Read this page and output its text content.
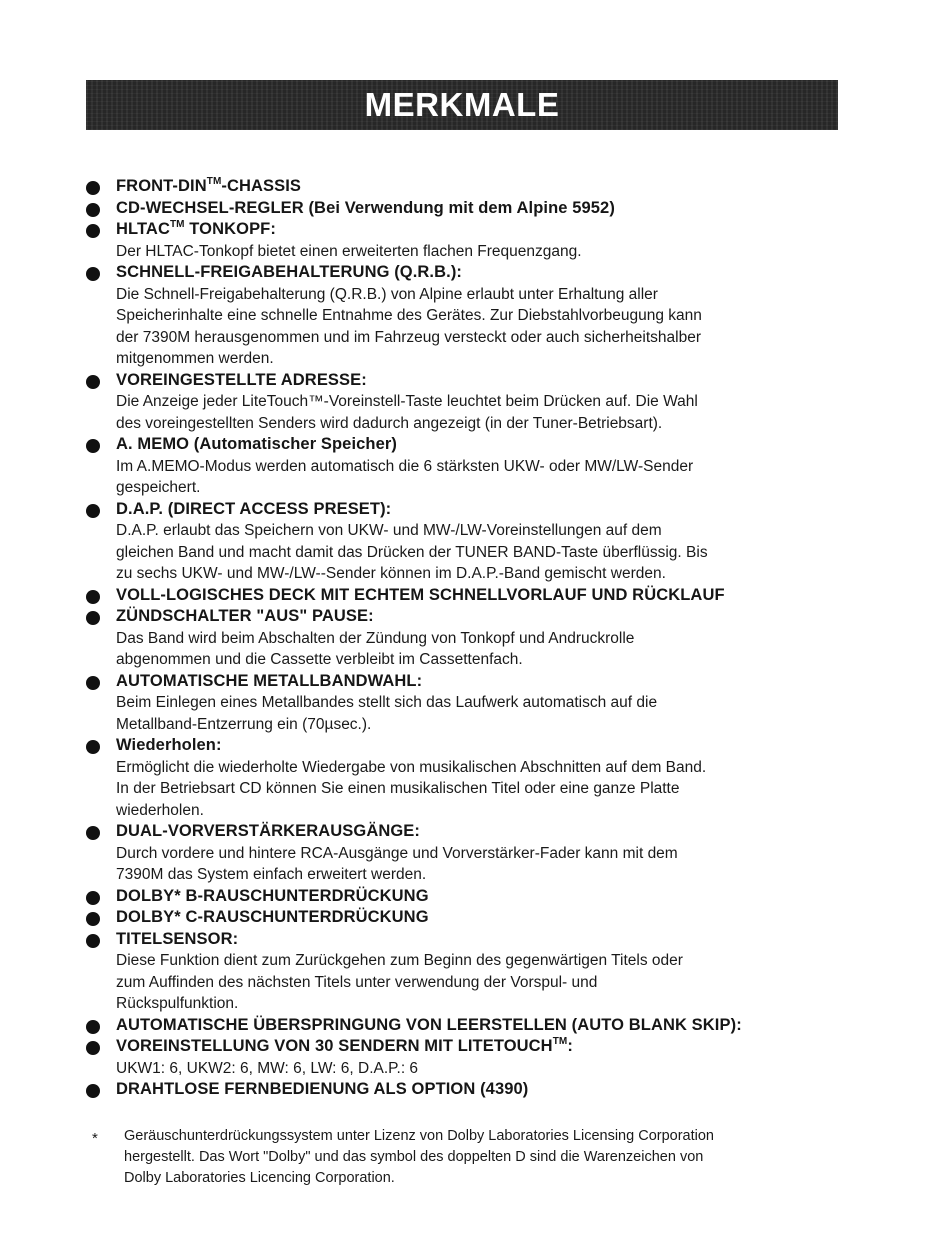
MERKMALE
FRONT-DIN™-CHASSIS
CD-WECHSEL-REGLER (Bei Verwendung mit dem Alpine 5952)
HLTAC™ TONKOPF:
Der HLTAC-Tonkopf bietet einen erweiterten flachen Frequenzgang.
SCHNELL-FREIGABEHALTERUNG (Q.R.B.):
Die Schnell-Freigabehalterung (Q.R.B.) von Alpine erlaubt unter Erhaltung aller
Speicherinhalte eine schnelle Entnahme des Gerätes. Zur Diebstahlvorbeugung kann
der 7390M herausgenommen und im Fahrzeug versteckt oder auch sicherheitshalber
mitgenommen werden.
VOREINGESTELLTE ADRESSE:
Die Anzeige jeder LiteTouch™-Voreinstell-Taste leuchtet beim Drücken auf. Die Wahl
des voreingestellten Senders wird dadurch angezeigt (in der Tuner-Betriebsart).
A. MEMO (Automatischer Speicher)
Im A.MEMO-Modus werden automatisch die 6 stärksten UKW- oder MW/LW-Sender
gespeichert.
D.A.P. (DIRECT ACCESS PRESET):
D.A.P. erlaubt das Speichern von UKW- und MW-/LW-Voreinstellungen auf dem
gleichen Band und macht damit das Drücken der TUNER BAND-Taste überflüssig. Bis
zu sechs UKW- und MW-/LW--Sender können im D.A.P.-Band gemischt werden.
VOLL-LOGISCHES DECK MIT ECHTEM SCHNELLVORLAUF UND RÜCKLAUF
ZÜNDSCHALTER "AUS" PAUSE:
Das Band wird beim Abschalten der Zündung von Tonkopf und Andruckrolle
abgenommen und die Cassette verbleibt im Cassettenfach.
AUTOMATISCHE METALLBANDWAHL:
Beim Einlegen eines Metallbandes stellt sich das Laufwerk automatisch auf die
Metallband-Entzerrung ein (70µsec.).
Wiederholen:
Ermöglicht die wiederholte Wiedergabe von musikalischen Abschnitten auf dem Band.
In der Betriebsart CD können Sie einen musikalischen Titel oder eine ganze Platte
wiederholen.
DUAL-VORVERSTÄRKERAUSGÄNGE:
Durch vordere und hintere RCA-Ausgänge und Vorverstärker-Fader kann mit dem
7390M das System einfach erweitert werden.
DOLBY* B-RAUSCHUNTERDRÜCKUNG
DOLBY* C-RAUSCHUNTERDRÜCKUNG
TITELSENSOR:
Diese Funktion dient zum Zurückgehen zum Beginn des gegenwärtigen Titels oder
zum Auffinden des nächsten Titels unter verwendung der Vorspul- und
Rückspulfunktion.
AUTOMATISCHE ÜBERSPRINGUNG VON LEERSTELLEN (AUTO BLANK SKIP):
VOREINSTELLUNG VON 30 SENDERN MIT LITETOUCH™:
UKW1: 6, UKW2: 6, MW: 6, LW: 6, D.A.P.: 6
DRAHTLOSE FERNBEDIENUNG ALS OPTION (4390)
* Geräuschunterdrückungssystem unter Lizenz von Dolby Laboratories Licensing Corporation
hergestellt. Das Wort "Dolby" und das symbol des doppelten D sind die Warenzeichen von
Dolby Laboratories Licencing Corporation.
